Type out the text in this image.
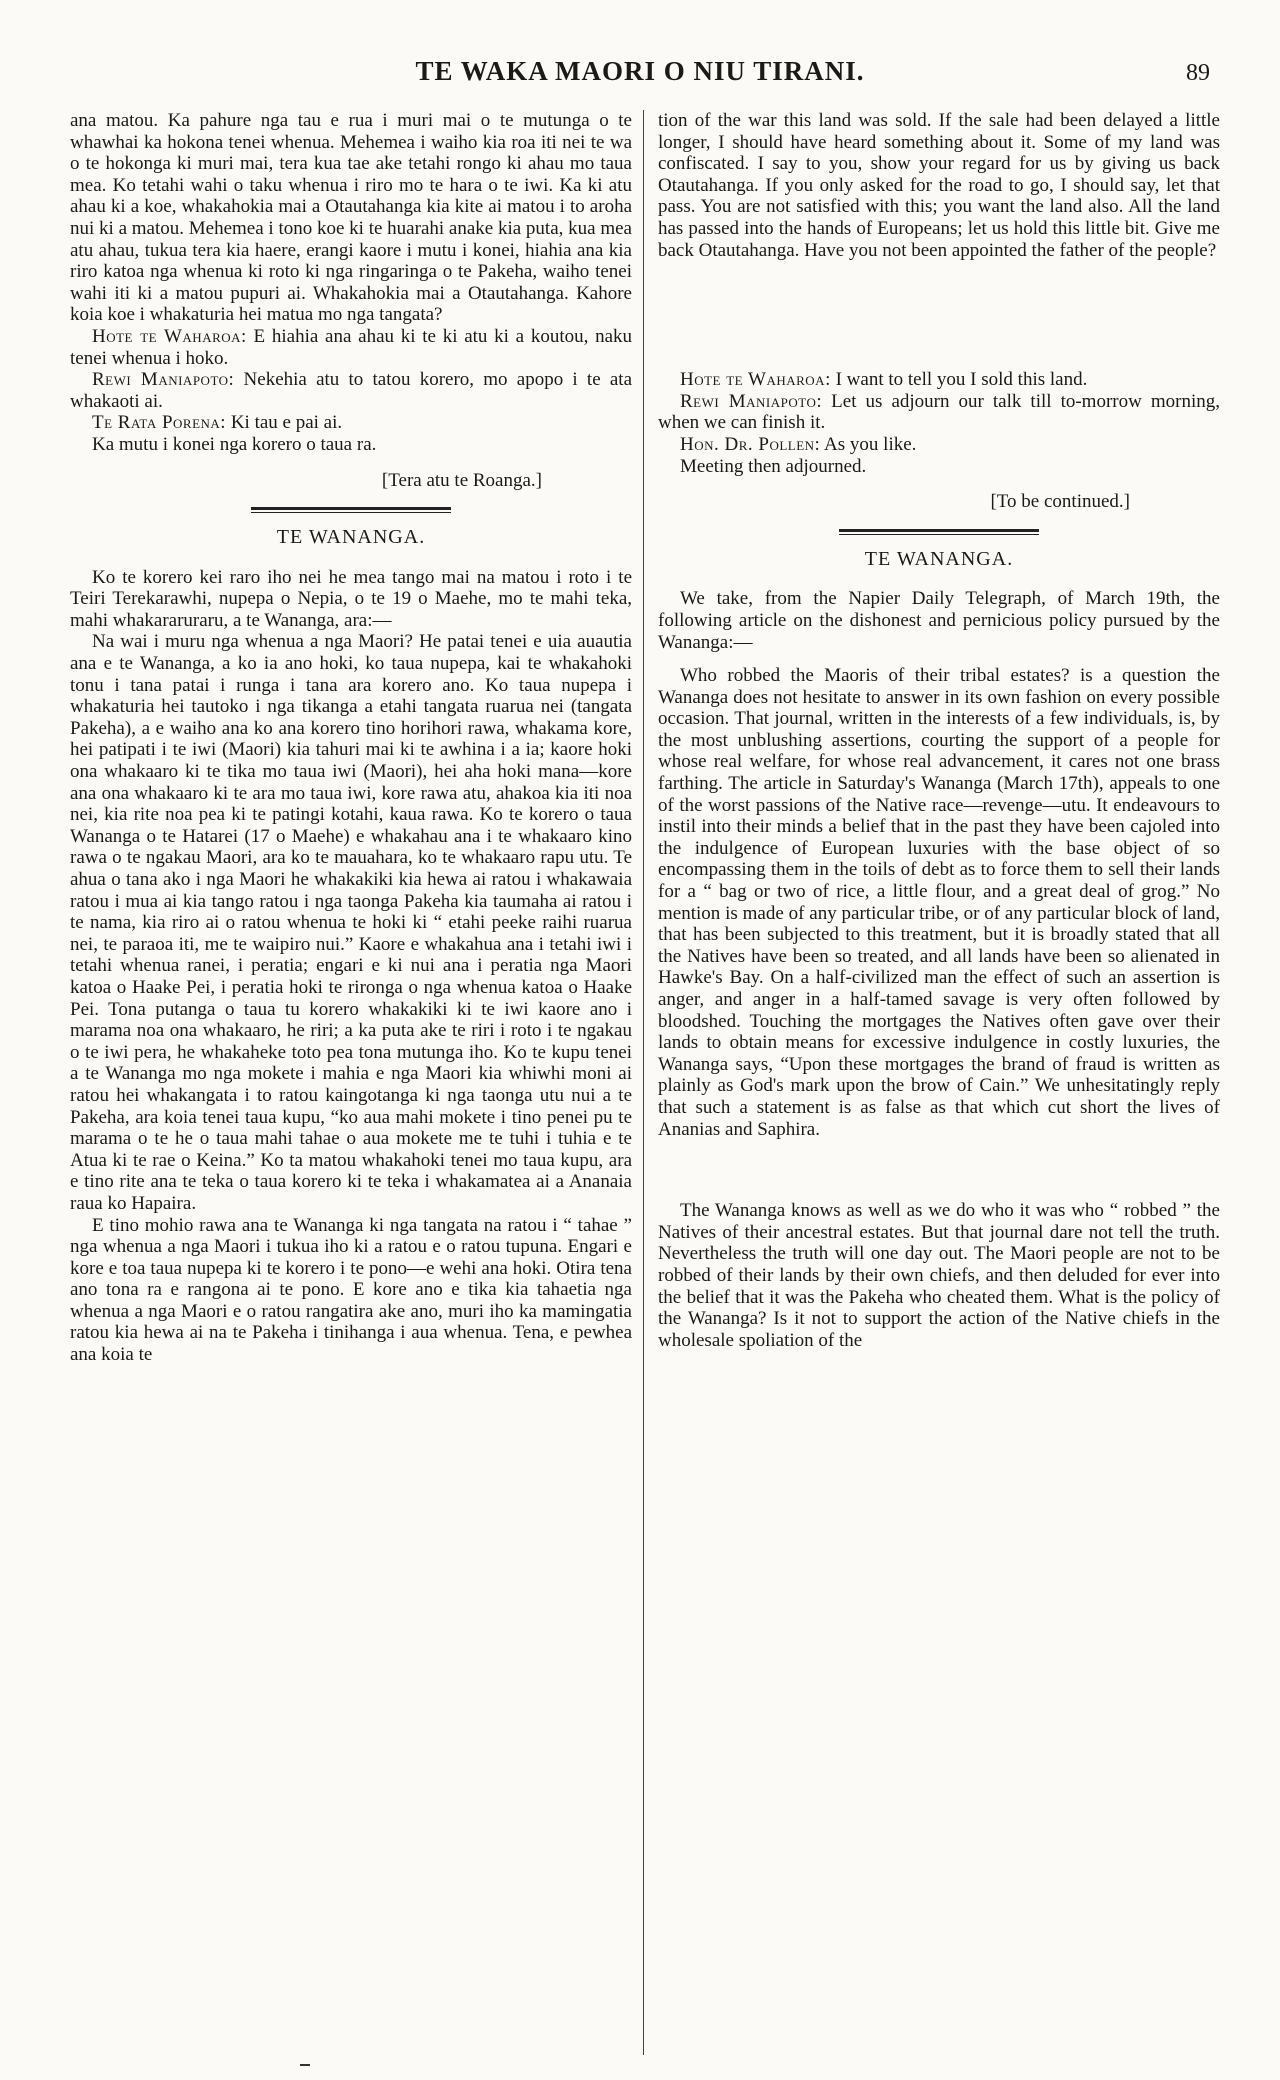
TE WAKA MAORI O NIU TIRANI.	89

ana matou. Ka pahure nga tau e rua i muri mai o te mutunga o te whawhai ka hokona tenei whenua. Mehemea i waiho kia roa iti nei te wa o te hokonga ki muri mai, tera kua tae ake tetahi rongo ki ahau mo taua mea. Ko tetahi wahi o taku whenua i riro mo te hara o te iwi. Ka ki atu ahau ki a koe, whakahokia mai a Otautahanga kia kite ai matou i to aroha nui ki a matou. Mehemea i tono koe ki te huarahi anake kia puta, kua mea atu ahau, tukua tera kia haere, erangi kaore i mutu i konei, hiahia ana kia riro katoa nga whenua ki roto ki nga ringaringa o te Pakeha, waiho tenei wahi iti ki a matou pupuri ai. Whakahokia mai a Otautahanga. Kahore koia koe i whakaturia hei matua mo nga tangata?

Hote te Waharoa: E hiahia ana ahau ki te ki atu ki a koutou, naku tenei whenua i hoko.

Rewi Maniapoto: Nekehia atu to tatou korero, mo apopo i te ata whakaoti ai.

Te Rata Porena: Ki tau e pai ai.

Ka mutu i konei nga korero o taua ra.

[Tera atu te Roanga.]

TE WANANGA.

Ko te korero kei raro iho nei he mea tango mai na matou i roto i te Teiri Terekarawhi, nupepa o Nepia, o te 19 o Maehe, mo te mahi teka, mahi whakararuraru, a te Wananga, ara:—

Na wai i muru nga whenua a nga Maori? He patai tenei e uia auautia ana e te Wananga, a ko ia ano hoki, ko taua nupepa, kai te whakahoki tonu i tana patai i runga i tana ara korero ano. Ko taua nupepa i whakaturia hei tautoko i nga tikanga a etahi tangata ruarua nei (tangata Pakeha), a e waiho ana ko ana korero tino horihori rawa, whakama kore, hei patipati i te iwi (Maori) kia tahuri mai ki te awhina i a ia; kaore hoki ona whakaaro ki te tika mo taua iwi (Maori), hei aha hoki mana—kore ana ona whakaaro ki te ara mo taua iwi, kore rawa atu, ahakoa kia iti noa nei, kia rite noa pea ki te patingi kotahi, kaua rawa. Ko te korero o taua Wananga o te Hatarei (17 o Maehe) e whakahau ana i te whakaaro kino rawa o te ngakau Maori, ara ko te mauahara, ko te whakaaro rapu utu. Te ahua o tana ako i nga Maori he whakakiki kia hewa ai ratou i whakawaia ratou i mua ai kia tango ratou i nga taonga Pakeha kia taumaha ai ratou i te nama, kia riro ai o ratou whenua te hoki ki “ etahi peeke raihi ruarua nei, te paraoa iti, me te waipiro nui.” Kaore e whakahua ana i tetahi iwi i tetahi whenua ranei, i peratia; engari e ki nui ana i peratia nga Maori katoa o Haake Pei, i peratia hoki te rironga o nga whenua katoa o Haake Pei. Tona putanga o taua tu korero whakakiki ki te iwi kaore ano i marama noa ona whakaaro, he riri; a ka puta ake te riri i roto i te ngakau o te iwi pera, he whakaheke toto pea tona mutunga iho. Ko te kupu tenei a te Wananga mo nga mokete i mahia e nga Maori kia whiwhi moni ai ratou hei whakangata i to ratou kaingotanga ki nga taonga utu nui a te Pakeha, ara koia tenei taua kupu, “ko aua mahi mokete i tino penei pu te marama o te he o taua mahi tahae o aua mokete me te tuhi i tuhia e te Atua ki te rae o Keina.” Ko ta matou whakahoki tenei mo taua kupu, ara e tino rite ana te teka o taua korero ki te teka i whakamatea ai a Ananaia raua ko Hapaira.

E tino mohio rawa ana te Wananga ki nga tangata na ratou i “ tahae ” nga whenua a nga Maori i tukua iho ki a ratou e o ratou tupuna. Engari e kore e toa taua nupepa ki te korero i te pono—e wehi ana hoki. Otira tena ano tona ra e rangona ai te pono. E kore ano e tika kia tahaetia nga whenua a nga Maori e o ratou rangatira ake ano, muri iho ka mamingatia ratou kia hewa ai na te Pakeha i tinihanga i aua whenua. Tena, e pewhea ana koia te

tion of the war this land was sold. If the sale had been delayed a little longer, I should have heard something about it. Some of my land was confiscated. I say to you, show your regard for us by giving us back Otautahanga. If you only asked for the road to go, I should say, let that pass. You are not satisfied with this; you want the land also. All the land has passed into the hands of Europeans; let us hold this little bit. Give me back Otautahanga. Have you not been appointed the father of the people?

Hote te Waharoa: I want to tell you I sold this land.

Rewi Maniapoto: Let us adjourn our talk till to-morrow morning, when we can finish it.

Hon. Dr. Pollen: As you like.

Meeting then adjourned.

[To be continued.]

TE WANANGA.

We take, from the Napier Daily Telegraph, of March 19th, the following article on the dishonest and pernicious policy pursued by the Wananga:—

Who robbed the Maoris of their tribal estates? is a question the Wananga does not hesitate to answer in its own fashion on every possible occasion. That journal, written in the interests of a few individuals, is, by the most unblushing assertions, courting the support of a people for whose real welfare, for whose real advancement, it cares not one brass farthing. The article in Saturday's Wananga (March 17th), appeals to one of the worst passions of the Native race—revenge—utu. It endeavours to instil into their minds a belief that in the past they have been cajoled into the indulgence of European luxuries with the base object of so encompassing them in the toils of debt as to force them to sell their lands for a “ bag or two of rice, a little flour, and a great deal of grog.” No mention is made of any particular tribe, or of any particular block of land, that has been subjected to this treatment, but it is broadly stated that all the Natives have been so treated, and all lands have been so alienated in Hawke's Bay. On a half-civilized man the effect of such an assertion is anger, and anger in a half-tamed savage is very often followed by bloodshed. Touching the mortgages the Natives often gave over their lands to obtain means for excessive indulgence in costly luxuries, the Wananga says, “Upon these mortgages the brand of fraud is written as plainly as God's mark upon the brow of Cain.” We unhesitatingly reply that such a statement is as false as that which cut short the lives of Ananias and Saphira.

The Wananga knows as well as we do who it was who “ robbed ” the Natives of their ancestral estates. But that journal dare not tell the truth. Nevertheless the truth will one day out. The Maori people are not to be robbed of their lands by their own chiefs, and then deluded for ever into the belief that it was the Pakeha who cheated them. What is the policy of the Wananga? Is it not to support the action of the Native chiefs in the wholesale spoliation of the
